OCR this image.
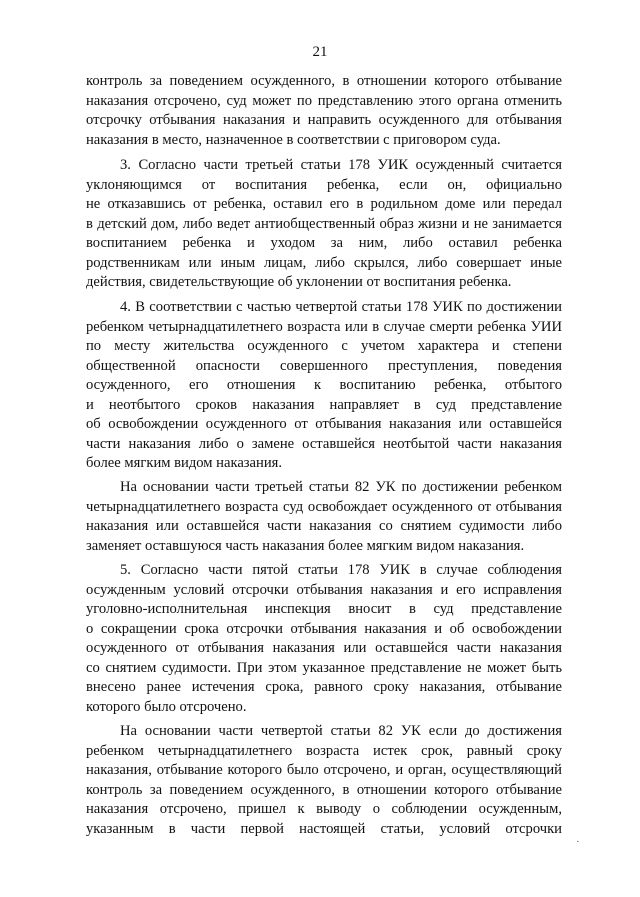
21
контроль за поведением осужденного, в отношении которого отбывание
наказания отсрочено, суд может по представлению этого органа отменить
отсрочку отбывания наказания и направить осужденного для отбывания
наказания в место, назначенное в соответствии с приговором суда.
3. Согласно части третьей статьи 178 УИК осужденный считается
уклоняющимся от воспитания ребенка, если он, официально
не отказавшись от ребенка, оставил его в родильном доме или передал
в детский дом, либо ведет антиобщественный образ жизни и не занимается
воспитанием ребенка и уходом за ним, либо оставил ребенка
родственникам или иным лицам, либо скрылся, либо совершает иные
действия, свидетельствующие об уклонении от воспитания ребенка.
4. В соответствии с частью четвертой статьи 178 УИК по достижении
ребенком четырнадцатилетнего возраста или в случае смерти ребенка УИИ
по месту жительства осужденного с учетом характера и степени
общественной опасности совершенного преступления, поведения
осужденного, его отношения к воспитанию ребенка, отбытого
и неотбытого сроков наказания направляет в суд представление
об освобождении осужденного от отбывания наказания или оставшейся
части наказания либо о замене оставшейся неотбытой части наказания
более мягким видом наказания.
На основании части третьей статьи 82 УК по достижении ребенком
четырнадцатилетнего возраста суд освобождает осужденного от отбывания
наказания или оставшейся части наказания со снятием судимости либо
заменяет оставшуюся часть наказания более мягким видом наказания.
5. Согласно части пятой статьи 178 УИК в случае соблюдения
осужденным условий отсрочки отбывания наказания и его исправления
уголовно-исполнительная инспекция вносит в суд представление
о сокращении срока отсрочки отбывания наказания и об освобождении
осужденного от отбывания наказания или оставшейся части наказания
со снятием судимости. При этом указанное представление не может быть
внесено ранее истечения срока, равного сроку наказания, отбывание
которого было отсрочено.
На основании части четвертой статьи 82 УК если до достижения
ребенком четырнадцатилетнего возраста истек срок, равный сроку
наказания, отбывание которого было отсрочено, и орган, осуществляющий
контроль за поведением осужденного, в отношении которого отбывание
наказания отсрочено, пришел к выводу о соблюдении осужденным,
указанным в части первой настоящей статьи, условий отсрочки
·
